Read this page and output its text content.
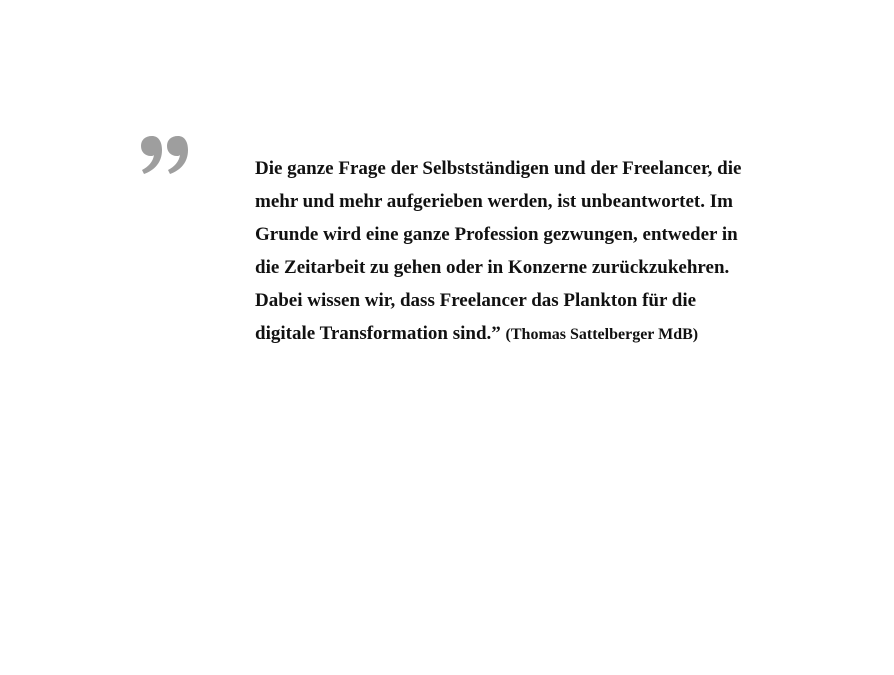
Die ganze Frage der Selbstständigen und der Freelancer, die
mehr und mehr aufgerieben werden, ist unbeantwortet. Im
Grunde wird eine ganze Profession gezwungen, entweder in
die Zeitarbeit zu gehen oder in Konzerne zurückzukehren.
Dabei wissen wir, dass Freelancer das Plankton für die
digitale Transformation sind.” (Thomas Sattelberger MdB)
